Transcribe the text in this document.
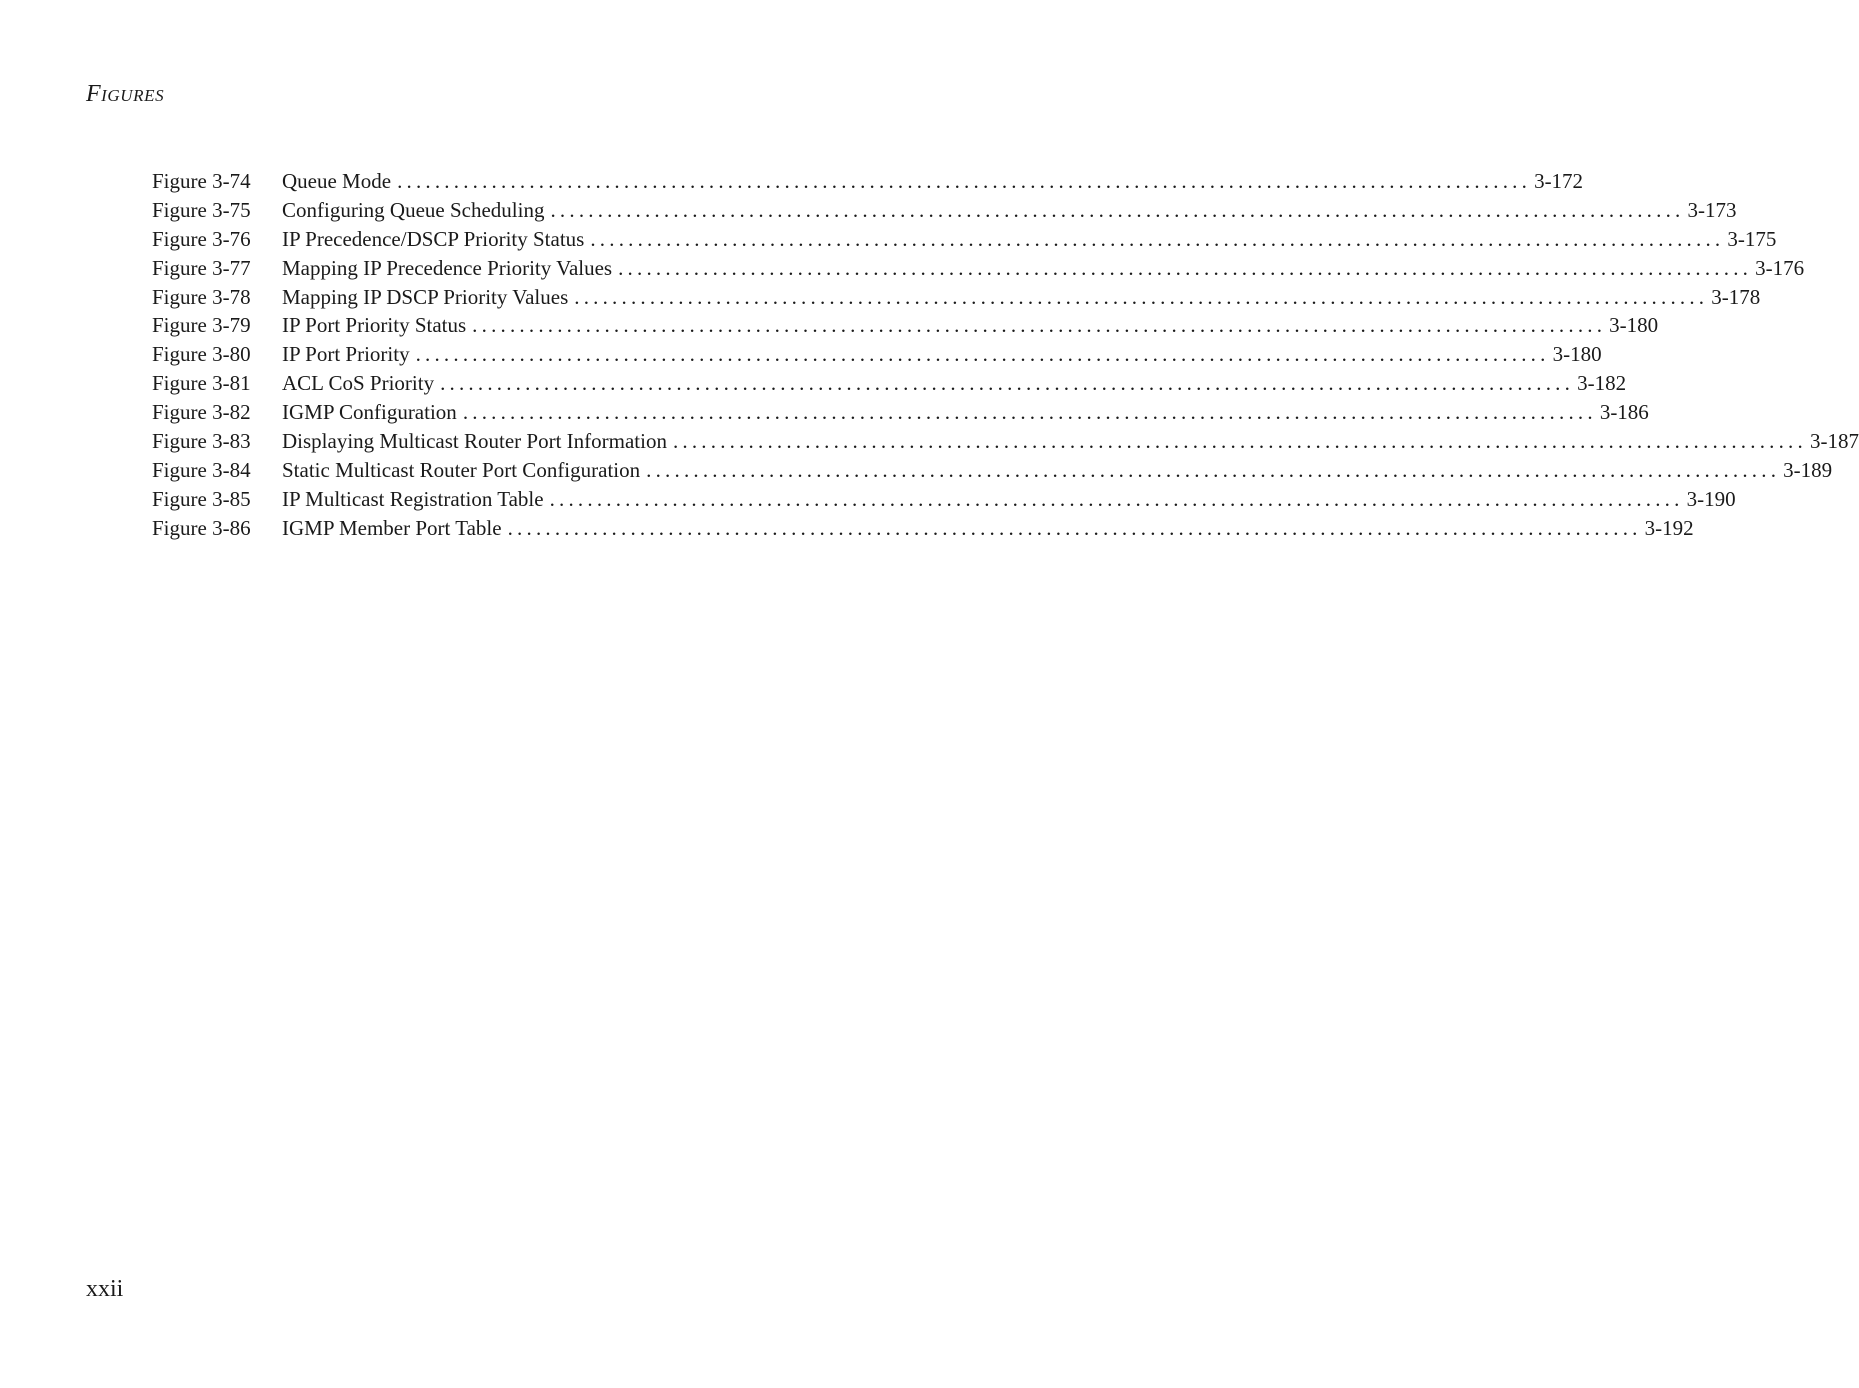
FIGURES
Figure 3-74	Queue Mode ........................................................................................................................ 3-172
Figure 3-75	Configuring Queue Scheduling ........................................................................................................................ 3-173
Figure 3-76	IP Precedence/DSCP Priority Status ........................................................................................................................ 3-175
Figure 3-77	Mapping IP Precedence Priority Values ........................................................................................................................ 3-176
Figure 3-78	Mapping IP DSCP Priority Values ........................................................................................................................ 3-178
Figure 3-79	IP Port Priority Status ........................................................................................................................ 3-180
Figure 3-80	IP Port Priority ........................................................................................................................ 3-180
Figure 3-81	ACL CoS Priority ........................................................................................................................ 3-182
Figure 3-82	IGMP Configuration ........................................................................................................................ 3-186
Figure 3-83	Displaying Multicast Router Port Information ........................................................................................................................ 3-187
Figure 3-84	Static Multicast Router Port Configuration ........................................................................................................................ 3-189
Figure 3-85	IP Multicast Registration Table ........................................................................................................................ 3-190
Figure 3-86	IGMP Member Port Table ........................................................................................................................ 3-192
xxii
